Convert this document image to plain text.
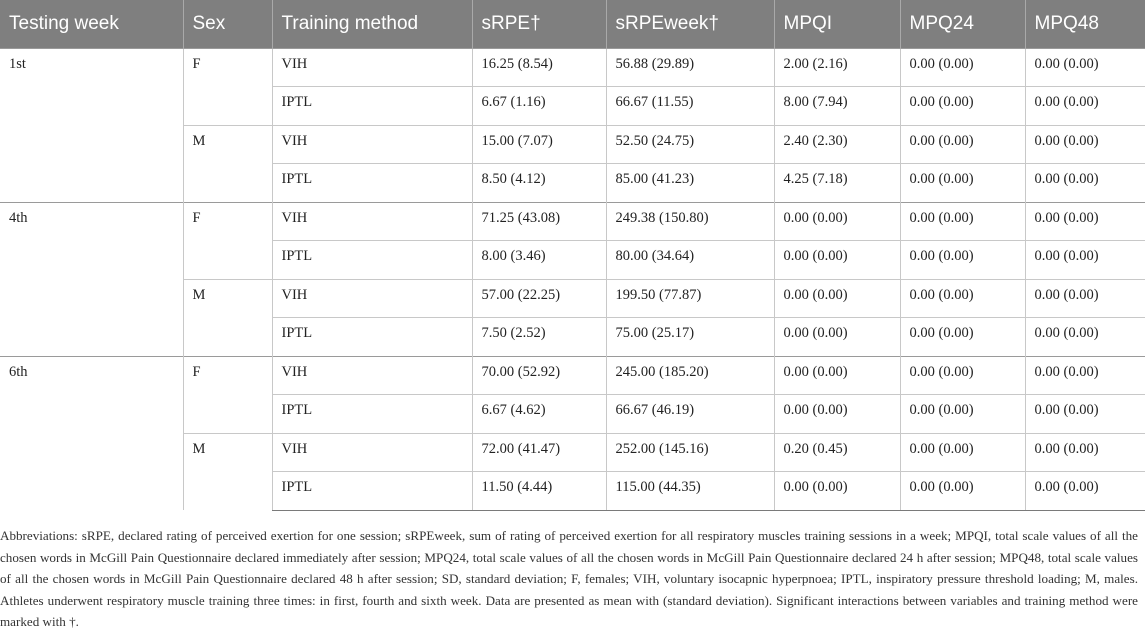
Testing week	Sex	Training method	sRPE†	sRPEweek†	MPQI	MPQ24	MPQ48
1st	F	VIH	16.25 (8.54)	56.88 (29.89)	2.00 (2.16)	0.00 (0.00)	0.00 (0.00)
		IPTL	6.67 (1.16)	66.67 (11.55)	8.00 (7.94)	0.00 (0.00)	0.00 (0.00)
	M	VIH	15.00 (7.07)	52.50 (24.75)	2.40 (2.30)	0.00 (0.00)	0.00 (0.00)
		IPTL	8.50 (4.12)	85.00 (41.23)	4.25 (7.18)	0.00 (0.00)	0.00 (0.00)
4th	F	VIH	71.25 (43.08)	249.38 (150.80)	0.00 (0.00)	0.00 (0.00)	0.00 (0.00)
		IPTL	8.00 (3.46)	80.00 (34.64)	0.00 (0.00)	0.00 (0.00)	0.00 (0.00)
	M	VIH	57.00 (22.25)	199.50 (77.87)	0.00 (0.00)	0.00 (0.00)	0.00 (0.00)
		IPTL	7.50 (2.52)	75.00 (25.17)	0.00 (0.00)	0.00 (0.00)	0.00 (0.00)
6th	F	VIH	70.00 (52.92)	245.00 (185.20)	0.00 (0.00)	0.00 (0.00)	0.00 (0.00)
		IPTL	6.67 (4.62)	66.67 (46.19)	0.00 (0.00)	0.00 (0.00)	0.00 (0.00)
	M	VIH	72.00 (41.47)	252.00 (145.16)	0.20 (0.45)	0.00 (0.00)	0.00 (0.00)
		IPTL	11.50 (4.44)	115.00 (44.35)	0.00 (0.00)	0.00 (0.00)	0.00 (0.00)

Abbreviations: sRPE, declared rating of perceived exertion for one session; sRPEweek, sum of rating of perceived exertion for all respiratory muscles training sessions in a week; MPQI, total scale values of all the chosen words in McGill Pain Questionnaire declared immediately after session; MPQ24, total scale values of all the chosen words in McGill Pain Questionnaire declared 24 h after session; MPQ48, total scale values of all the chosen words in McGill Pain Questionnaire declared 48 h after session; SD, standard deviation; F, females; VIH, voluntary isocapnic hyperpnoea; IPTL, inspiratory pressure threshold loading; M, males. Athletes underwent respiratory muscle training three times: in first, fourth and sixth week. Data are presented as mean with (standard deviation). Significant interactions between variables and training method were marked with †.
